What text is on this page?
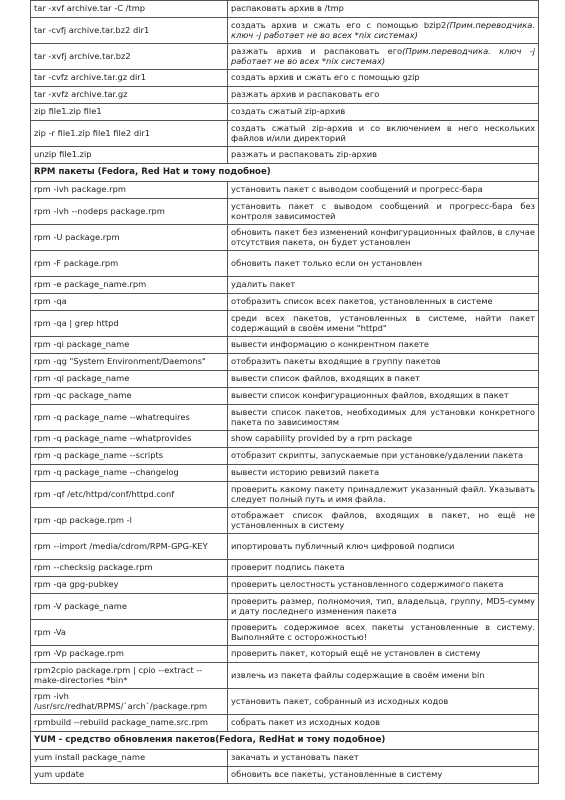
tar -xvf archive.tar -C /tmp	распаковать архив в /tmp
tar -cvfj archive.tar.bz2 dir1	создать архив и сжать его с помощью bzip2(Прим.переводчика. ключ -j работает не во всех *nix системах)
tar -xvfj archive.tar.bz2	разжать архив и распаковать его(Прим.переводчика. ключ -j работает не во всех *nix системах)
tar -cvfz archive.tar.gz dir1	создать архив и сжать его с помощью gzip
tar -xvfz archive.tar.gz	разжать архив и распаковать его
zip file1.zip file1	создать сжатый zip-архив
zip -r file1.zip file1 file2 dir1	создать сжатый zip-архив и со включением в него нескольких файлов и/или директорий
unzip file1.zip	разжать и распаковать zip-архив
RPM пакеты (Fedora, Red Hat и тому подобное)	
rpm -ivh package.rpm	установить пакет с выводом сообщений и прогресс-бара
rpm -ivh --nodeps package.rpm	установить пакет с выводом сообщений и прогресс-бара без контроля зависимостей
rpm -U package.rpm	обновить пакет без изменений конфигурационных файлов, в случае отсутствия пакета, он будет установлен
rpm -F package.rpm	обновить пакет только если он установлен
rpm -e package_name.rpm	удалить пакет
rpm -qa	отобразить список всех пакетов, установленных в системе
rpm -qa | grep httpd	среди всех пакетов, установленных в системе, найти пакет содержащий в своём имени "httpd"
rpm -qi package_name	вывести информацию о конкрентном пакете
rpm -qg "System Environment/Daemons"	отобразить пакеты входящие в группу пакетов
rpm -ql package_name	вывести список файлов, входящих в пакет
rpm -qc package_name	вывести список конфигурационных файлов, входящих в пакет
rpm -q package_name --whatrequires	вывести список пакетов, необходимых для установки конкретного пакета по зависимостям
rpm -q package_name --whatprovides	show capability provided by a rpm package
rpm -q package_name --scripts	отобразит скрипты, запускаемые при установке/удалении пакета
rpm -q package_name --changelog	вывести историю ревизий пакета
rpm -qf /etc/httpd/conf/httpd.conf	проверить какому пакету принадлежит указанный файл. Указывать следует полный путь и имя файла.
rpm -qp package.rpm -l	отображает список файлов, входящих в пакет, но ещё не установленных в систему
rpm --import /media/cdrom/RPM-GPG-KEY	ипортировать публичный ключ цифровой подписи
rpm --checksig package.rpm	проверит подпись пакета
rpm -qa gpg-pubkey	проверить целостность установленного содержимого пакета
rpm -V package_name	проверить размер, полномочия, тип, владельца, группу, MD5-сумму и дату последнего изменения пакета
rpm -Va	проверить содержимое всех пакеты установленные в систему. Выполняйте с осторожностью!
rpm -Vp package.rpm	проверить пакет, который ещё не установлен в систему
rpm2cpio package.rpm | cpio --extract --make-directories *bin*	извлечь из пакета файлы содержащие в своём имени bin
rpm -ivh /usr/src/redhat/RPMS/`arch`/package.rpm	установить пакет, собранный из исходных кодов
rpmbuild --rebuild package_name.src.rpm	собрать пакет из исходных кодов
YUM - средство обновления пакетов(Fedora, RedHat и тому подобное)	
yum install package_name	закачать и установать пакет
yum update	обновить все пакеты, установленные в систему
